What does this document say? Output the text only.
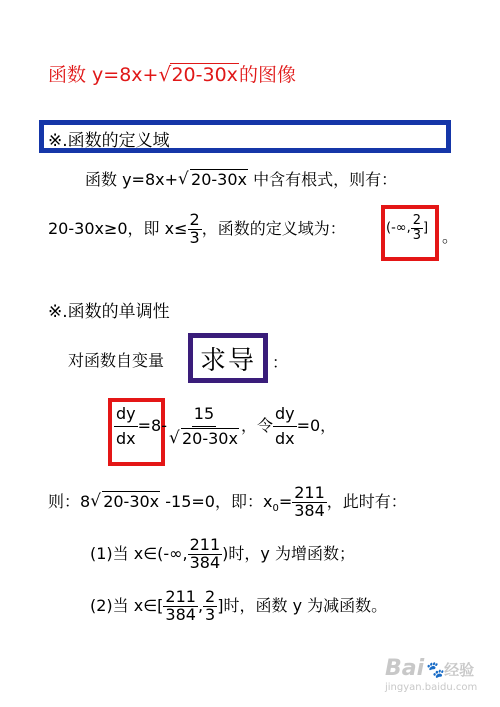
函数 y=8x+ √ 20-30x的图像
※.函数的定义域
函数 y=8x+ √ 20-30x 中含有根式，则有：
20-30x≥0，即 $x\le \frac{2}{3}$ ，函数的定义域为：	(-∞, $\frac{2}{3}$ ] 。
※.函数的单调性
对函数自变量 求导 ：
$\frac{dy}{dx} =8-$ 15
√ 20-30x ，令 $\frac{dy}{dx} =0$，
则：8 √ 20-30x -15=0，即：$x_0= \frac{211}{384}$ ，此时有：
(1)当 x∈(-∞, $\frac{211}{384}$ )时，y 为增函数；
(2)当 x∈[ $\frac{211}{384}$ , $\frac{2}{3}$ ]时，函数 y 为减函数。
Bai🐾经验
jingyan.baidu.com
